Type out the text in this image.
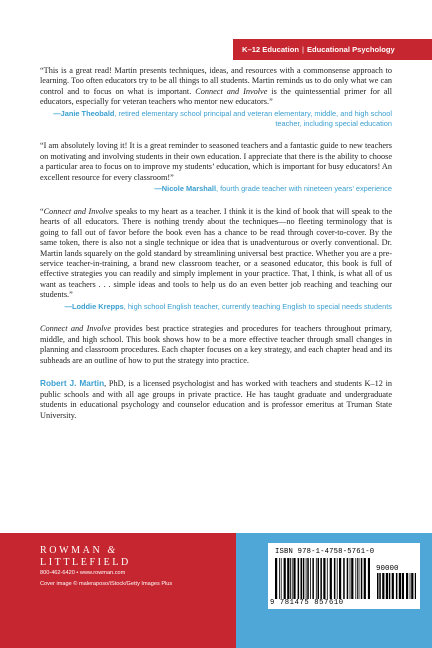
K–12 Education | Educational Psychology

“This is a great read! Martin presents techniques, ideas, and resources with a commonsense approach to learning. Too often educators try to be all things to all students. Martin reminds us to do only what we can control and to focus on what is important. Connect and Involve is the quintessential primer for all educators, especially for veteran teachers who mentor new educators.”

—Janie Theobald, retired elementary school principal and veteran elementary, middle, and high school teacher, including special education

“I am absolutely loving it! It is a great reminder to seasoned teachers and a fantastic guide to new teachers on motivating and involving students in their own education. I appreciate that there is the ability to choose a particular area to focus on to improve my students’ education, which is important for busy educators! An excellent resource for every classroom!”

—Nicole Marshall, fourth grade teacher with nineteen years’ experience

“Connect and Involve speaks to my heart as a teacher. I think it is the kind of book that will speak to the hearts of all educators. There is nothing trendy about the techniques—no fleeting terminology that is going to fall out of favor before the book even has a chance to be read through cover-to-cover. By the same token, there is also not a single technique or idea that is unadventurous or overly conventional. Dr. Martin lands squarely on the gold standard by streamlining universal best practice. Whether you are a pre-service teacher-in-training, a brand new classroom teacher, or a seasoned educator, this book is full of effective strategies you can readily and simply implement in your practice. That, I think, is what all of us want as teachers . . . simple ideas and tools to help us do an even better job reaching and teaching our students.”

—Loddie Krepps, high school English teacher, currently teaching English to special needs students

Connect and Involve provides best practice strategies and procedures for teachers throughout primary, middle, and high school. This book shows how to be a more effective teacher through small changes in planning and classroom procedures. Each chapter focuses on a key strategy, and each chapter head and its subheads are an outline of how to put the strategy into practice.

Robert J. Martin, PhD, is a licensed psychologist and has worked with teachers and students K–12 in public schools and with all age groups in private practice. He has taught graduate and undergraduate students in educational psychology and counselor education and is professor emeritus at Truman State University.

ROWMAN &
LITTLEFIELD
800-462-6420 • www.rowman.com
Cover image © maleraposo/iStock/Getty Images Plus
ISBN 978-1-4758-5761-0
90000
9 781475 857610
